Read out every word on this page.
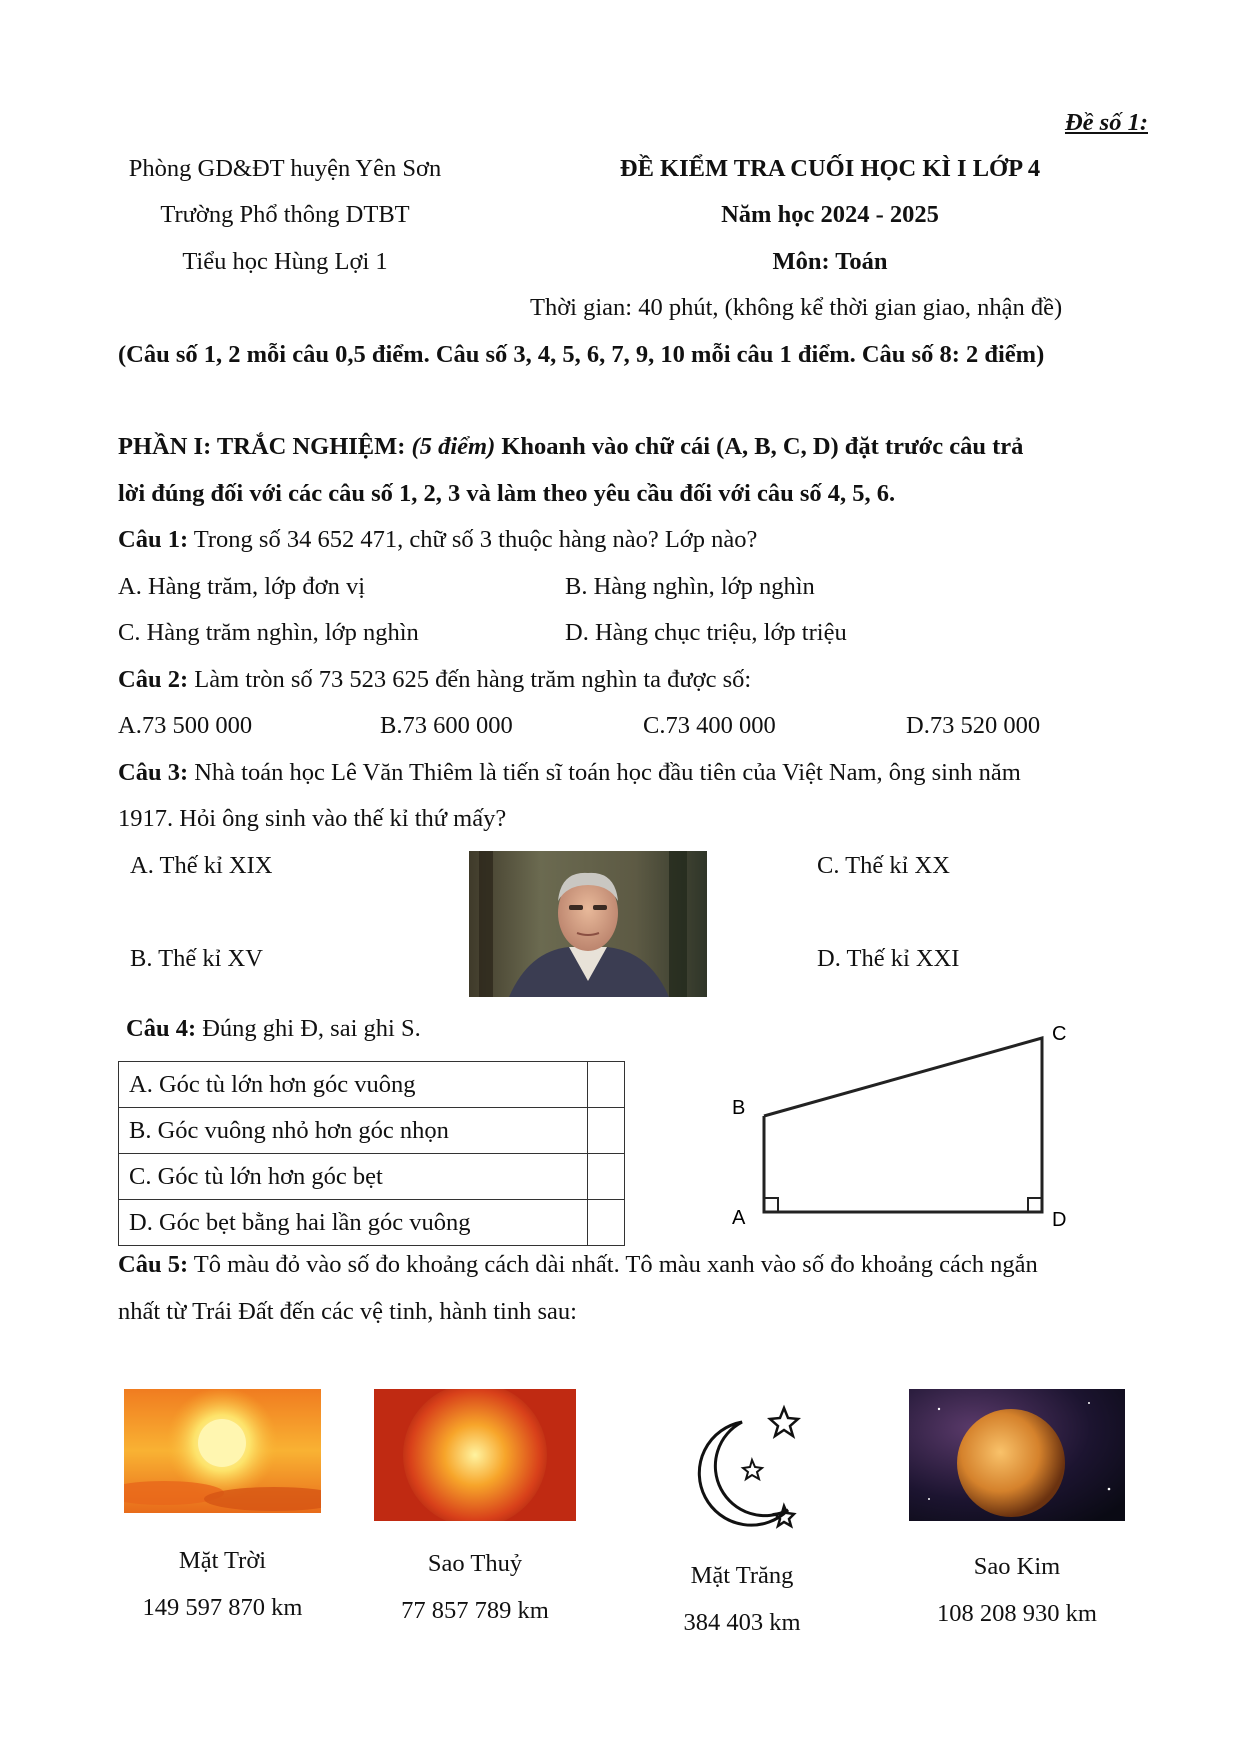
Đề số 1:
Phòng GD&ĐT huyện Yên Sơn
Trường Phổ thông DTBT
Tiểu học Hùng Lợi 1
ĐỀ KIỂM TRA CUỐI HỌC KÌ I LỚP 4
Năm học 2024 - 2025
Môn: Toán
Thời gian: 40 phút, (không kể thời gian giao, nhận đề)
(Câu số 1, 2 mỗi câu 0,5 điểm. Câu số 3, 4, 5, 6, 7, 9, 10 mỗi câu 1 điểm. Câu số 8: 2 điểm)
PHẦN I: TRẮC NGHIỆM: (5 điểm) Khoanh vào chữ cái (A, B, C, D) đặt trước câu trả
lời đúng đối với các câu số 1, 2, 3 và làm theo yêu cầu đối với câu số 4, 5, 6.
Câu 1: Trong số 34 652 471, chữ số 3 thuộc hàng nào? Lớp nào?
A. Hàng trăm, lớp đơn vị	B. Hàng nghìn, lớp nghìn
C. Hàng trăm nghìn, lớp nghìn	D. Hàng chục triệu, lớp triệu
Câu 2: Làm tròn số 73 523 625 đến hàng trăm nghìn ta được số:
A.73 500 000	B.73 600 000	C.73 400 000	D.73 520 000
Câu 3: Nhà toán học Lê Văn Thiêm là tiến sĩ toán học đầu tiên của Việt Nam, ông sinh năm
1917. Hỏi ông sinh vào thế kỉ thứ mấy?
A. Thế kỉ XIX	C. Thế kỉ XX
B. Thế kỉ XV	D. Thế kỉ XXI
Câu 4: Đúng ghi Đ, sai ghi S.
A. Góc tù lớn hơn góc vuông	
B. Góc vuông nhỏ hơn góc nhọn	
C. Góc tù lớn hơn góc bẹt	
D. Góc bẹt bằng hai lần góc vuông		A
B
C
D
Câu 5: Tô màu đỏ vào số đo khoảng cách dài nhất. Tô màu xanh vào số đo khoảng cách ngắn
nhất từ Trái Đất đến các vệ tinh, hành tinh sau:
Mặt Trời
149 597 870 km
Sao Thuỷ
77 857 789 km
Mặt Trăng
384 403 km
Sao Kim
108 208 930 km
